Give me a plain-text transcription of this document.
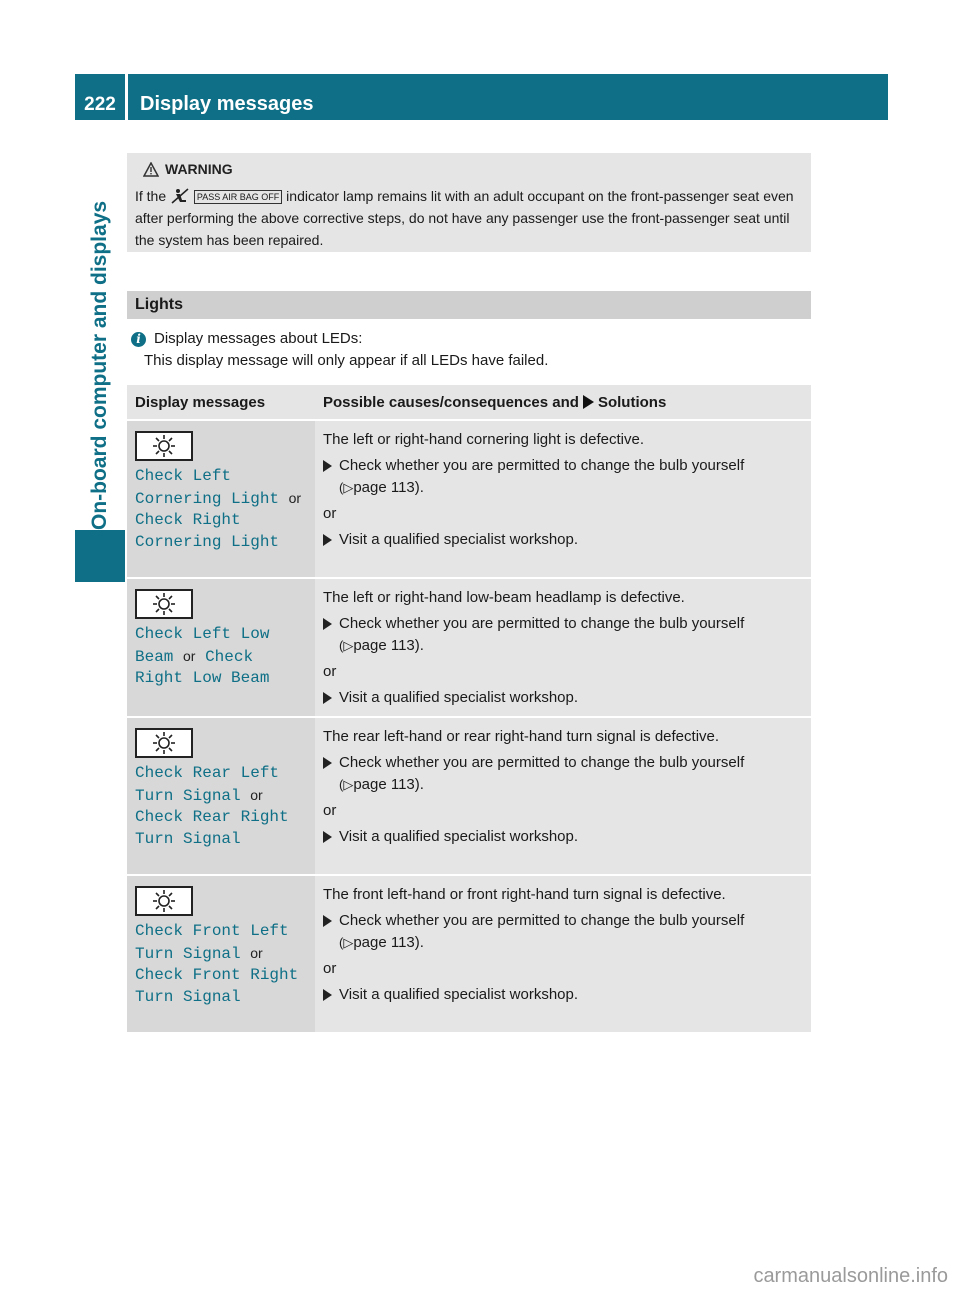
222	Display messages
On-board computer and displays
WARNING
If the	PASS AIR BAG OFF indicator lamp remains lit with an adult occupant on the front-passenger seat even after performing the above corrective steps, do not have any passenger use the front-passenger seat until the system has been repaired.
Lights
i Display messages about LEDs:
This display message will only appear if all LEDs have failed.
Display messages	Possible causes/consequences and Solutions

Check Left Cornering Light or Check Right Cornering Light	The left or right-hand cornering light is defective.
Check whether you are permitted to change the bulb yourself
(▷ page 113).
or
Visit a qualified specialist workshop.

Check Left Low Beam or Check Right Low Beam	The left or right-hand low-beam headlamp is defective.
Check whether you are permitted to change the bulb yourself
(▷ page 113).
or
Visit a qualified specialist workshop.

Check Rear Left Turn Signal or Check Rear Right Turn Signal	The rear left-hand or rear right-hand turn signal is defective.
Check whether you are permitted to change the bulb yourself
(▷ page 113).
or
Visit a qualified specialist workshop.

Check Front Left Turn Signal or Check Front Right Turn Signal	The front left-hand or front right-hand turn signal is defective.
Check whether you are permitted to change the bulb yourself
(▷ page 113).
or
Visit a qualified specialist workshop.
carmanualsonline.info
